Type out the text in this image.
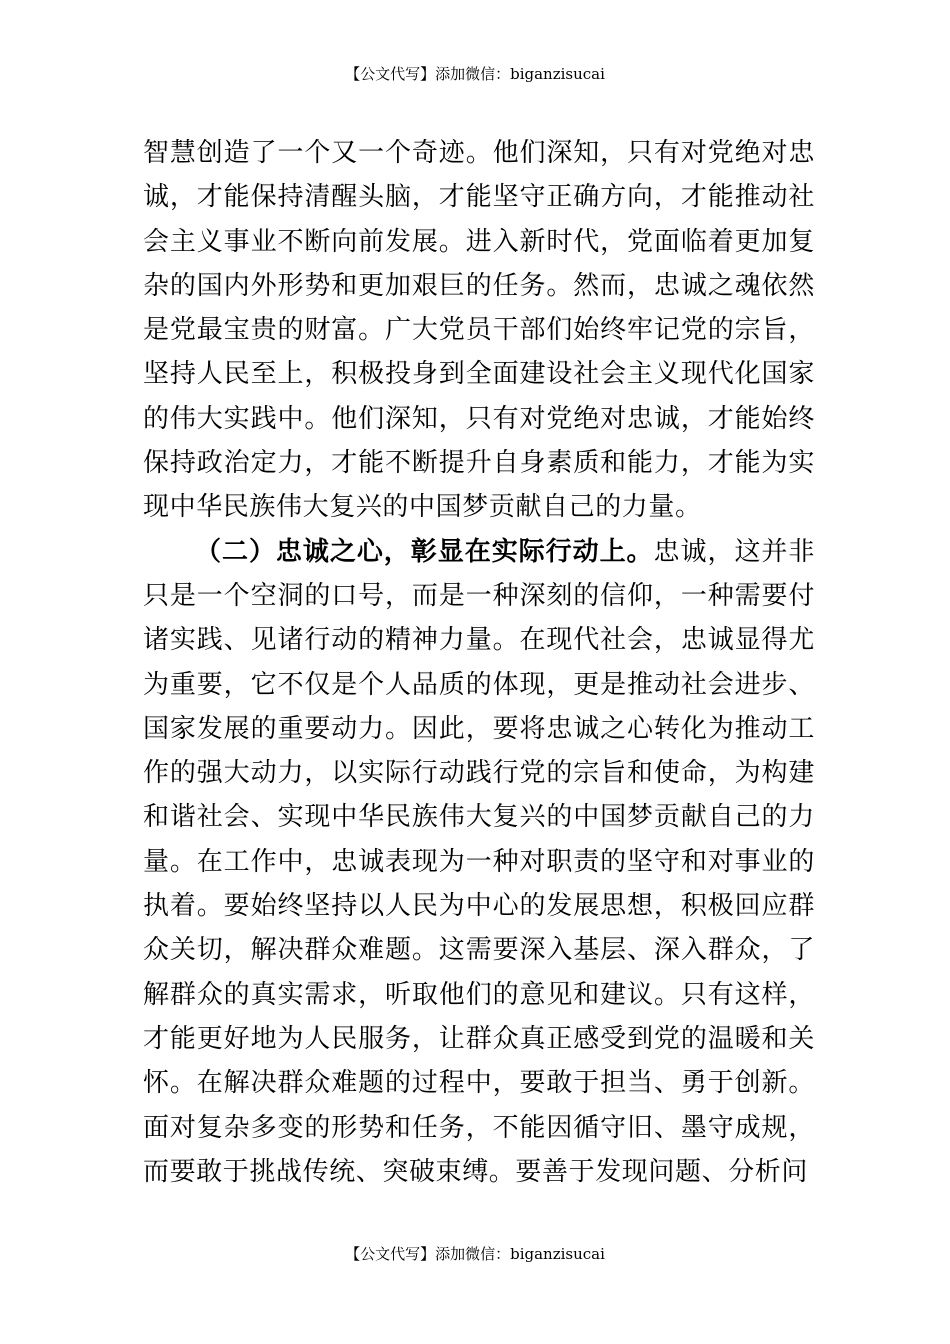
【公文代写】添加微信：biganzisucai

智慧创造了一个又一个奇迹。他们深知，只有对党绝对忠诚，才能保持清醒头脑，才能坚守正确方向，才能推动社会主义事业不断向前发展。进入新时代，党面临着更加复杂的国内外形势和更加艰巨的任务。然而，忠诚之魂依然是党最宝贵的财富。广大党员干部们始终牢记党的宗旨，坚持人民至上，积极投身到全面建设社会主义现代化国家的伟大实践中。他们深知，只有对党绝对忠诚，才能始终保持政治定力，才能不断提升自身素质和能力，才能为实现中华民族伟大复兴的中国梦贡献自己的力量。

（二）忠诚之心，彰显在实际行动上。忠诚，这并非只是一个空洞的口号，而是一种深刻的信仰，一种需要付诸实践、见诸行动的精神力量。在现代社会，忠诚显得尤为重要，它不仅是个人品质的体现，更是推动社会进步、国家发展的重要动力。因此，要将忠诚之心转化为推动工作的强大动力，以实际行动践行党的宗旨和使命，为构建和谐社会、实现中华民族伟大复兴的中国梦贡献自己的力量。在工作中，忠诚表现为一种对职责的坚守和对事业的执着。要始终坚持以人民为中心的发展思想，积极回应群众关切，解决群众难题。这需要深入基层、深入群众，了解群众的真实需求，听取他们的意见和建议。只有这样，才能更好地为人民服务，让群众真正感受到党的温暖和关怀。在解决群众难题的过程中，要敢于担当、勇于创新。面对复杂多变的形势和任务，不能因循守旧、墨守成规，而要敢于挑战传统、突破束缚。要善于发现问题、分析问

【公文代写】添加微信：biganzisucai
